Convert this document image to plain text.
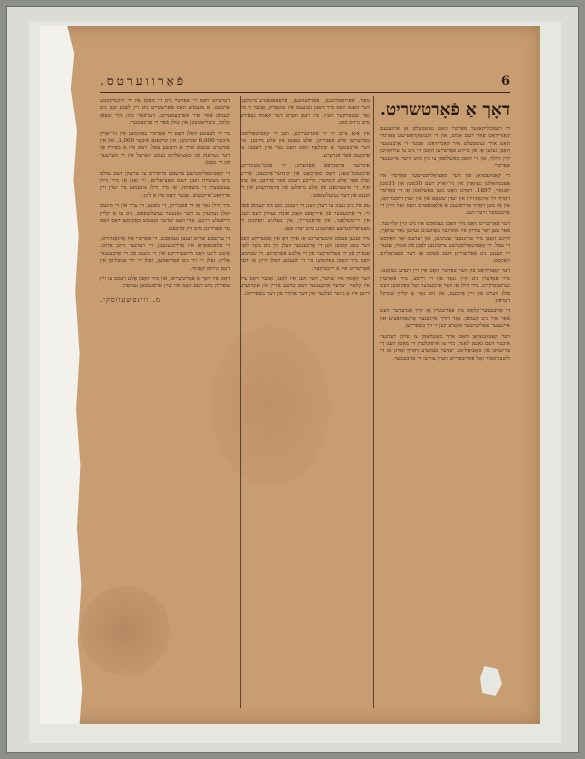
6
פֿאַרווערטס.
דאָך אַ פֿאָרטשריט.

די רעפּובליקאַנער פּאַרטיי האָט געשטעלט אַן אייגענעם קאַנדידאַט פֿאַר דעם אַמט, און די דעמאָקראַטישע פּאַרטיי האָט אויך געשטעלט איר קאַנדידאַט. אָבער די אַרבעטער האָבן געזען אַז פֿון ביידע פּאַרטייען האָבן זיי ניט צו ערוואַרטן קיין הילף, און זיי האָבן באַשלאָסן צו גיין מיט זייער אייגענער פּאַרטיי.

די קאָנווענציאָן פֿון דער סאָציאַליסטישער פּאַרטיי איז אָפּגעהאַלטן געוואָרן אין ניו־יאָרק דעם 30סטן און 31סטן יאַנואַר, 1897. דאָרט האָט מען באַשלאָסן אַז די פּאַרטיי דאַרף זיך אָרגאַניזירן אין יעדן שטאָט און אין יעדן דיסטריקט, און אַז מען דאַרף אַרויסגעבן אַ פּלאַטפֿאָרם וואָס זאָל ווייזן די אַרבעטער זייער וועג.

דער פֿאָרשריט וואָס מיר האָבן געמאַכט איז ניט קיין קליינער. פֿאַר צען יאָר צוריק איז אונדזער באַוועגונג געווען גאָר שוואַך; היינט האָבן מיר טויזנטער שטימען, און יעדעס יאָר וואַקסט די צאָל. די קאַפּיטאַליסטישע צייטונגען לאַכן פֿון אונדז, אָבער זיי קענען ניט פֿאַרשווייגן דעם פֿאַקט אַז דער סאָציאַליזם וואַקסט.

דער קאַנדידאַט פֿון דער פּאַרטיי האָט אין זיין רעדע געזאָגט: מיר פֿאָדערן ניט קיין גנאָד פֿון די רייכע, מיר פֿאָדערן גערעכטיקייט. מיר ווילן אַז דער אַרבעטער זאָל באַקומען דעם פֿולן ווערט פֿון זיין אַרבעט, און ניט נאָר אַ קליין שטיקל דערפֿון.

די אַרבעטער־קלאַס מוז פֿאַרשטיין אַז קיין אַנדערער וועט פֿאַר איר ניט קעמפֿן. נאָר דורך אייגענער אָרגאַניזאַציע און אייגענער פּאָליטישער אַקציע קען זי זיך באַפֿרייען.

דער קאָנווענציאָן האָט אויך באַשלאָסן צו שיקן רעדנער איבער דעם גאַנצן לאַנד, כדי צו אויפֿקלערן די מאַסן וועגן די פּרינציפּן פֿון סאָציאַליזם. יעדער סעקציע דאַרף זאָרגן אַז די ליטעראַטור זאָל פֿאַרשפּרייט ווערן צווישן די אַרבעטער.

מאַל, פֿאַרזאַמלונגען, פֿאַרלעזונגען, פֿראָפּאַגאַנדע־מיטלען. דער האַנט וואָס מיר האָבן געזעצט איז שטאַרק, אָבער זי מוז נאָך שטאַרקער ווערן. ביז דעם ווערט דער קאַמף געפֿירט מיט גרויס מוט.

אין אַזאַ צייט ווי די אונדזעריקע, ווען די קאַפּיטאַליסטן באַהערשן אַלע פֿאַבריקן, אַלע באַנען און אַלע מיינען, איז דער אַרבעטער אַ שקלאַף וואָס האָט נאָר איין רעכט: צו אַרבעטן פֿאַר אַנדערע.

אונדזער פּראָגראַם פֿאָדערט: די אַכט־שטונדיקע אַרבעטס־טאָג; דאָס פֿאַרבאָט פֿון קינדער־אַרבעט; פֿרייע שולן פֿאַר אַלע קינדער; גלייכע רעכט פֿאַר פֿרויען; און צום סוף, די איבערגאַנג פֿון אַלע מיטלען פֿון פּראָדוקציע אין די הענט פֿון דער געזעלשאַפֿט.

עס איז ניט גענוג צו רעדן וועגן די רעכט; מען מוז קעמפֿן פֿאַר זיי. די אַרבעטער פֿון אייראָפּע האָבן אונדז געוויזן דעם וועג. אין דייטשלאַנד, אין פֿראַנקרייך, אין בעלגיע וואַקסט די סאָציאַליסטישע באַוועגונג מיט יעדן טאָג.

מיר זענען פֿעסט איבערצייגט אַז אויך דאָ אין אַמעריקע וועט דער טאָג קומען ווען די אַרבעטער וועלן זיך ניט מער לאָזן אָנפֿירן פֿון די פּאָליטיקער פֿון די אַלטע פּאַרטייען. די שטימען וואָס מיר האָבן באַקומען ביי די לעצטע וואַלן ווייזן אַז דער פֿאָרשריט איז אַ ריכטיקער.

דער קאַמף איז שווער, דער וועג איז לאַנג, אָבער דאָס ציל איז קלאָר. יעדער אַרבעטער וואָס טרעט אַריין אין אונדזערע רייען איז אַ נייער זעלנער אין דער אַרמיי פֿון דער באַפֿרייונג.

דערציונג וואָס די פּאַרטיי גיט די מאַסן איז די וויכטיקסטע אַרבעט. אַ מענטש וואָס פֿאַרשטייט ניט זיין לאַגע קען ניט קעמפֿן פֿאַר איר פֿאַרבעסערונג. דערפֿאַר מוזן מיר שאַפֿן קלובן, ביבליאָטעקן און שולן פֿאַר די אַרבעטער.

ביי די לעצטע וואַלן האָט די פּאַרטיי באַקומען אין ניו־יאָרק איבער 6,000 שטימען, אין שיקאַגאָ איבער 3,000, און אין אַנדערע שטעט אויך אַ היבשע צאָל. דאָס איז אַ באַווייז אַז דער געדאַנק פֿון סאָציאַליזם נעמט וואָרצל אין די הערצער פֿון די מאַסן.

די קאַפּיטאַליסטישע פּרעסע פּרובירט צו שרעקן דעם עולם מיט מעשׂיות וועגן דעם סאָציאַליזם. זיי זאָגן אַז מיר ווילן צעשטערן די משפּחה, אַז מיר ווילן צונעמען ביי יעדן זיין פּריוואַט־אייגנטום. אָבער דאָס איז אַ ליגן.

מיר ווילן נאָר אַז די פֿאַבריקן, די באַנען, די ערד און די מינעס זאָלן געהערן צו דער גאַנצער געזעלשאַפֿט, ניט צו אַ קליין הייפֿעלע רייכע. אַזוי וועט יעדער מענטש באַקומען דאָס וואָס ער פֿאַרדינט מיט זיין אַרבעט.

די ערשטע שריט זענען געמאַכט. די פּאַרטיי איז אָרגאַניזירט, די פּלאַטפֿאָרם איז אַרויסגעגעבן, די רעדנער גייען אַרום. איצט ליגט דאָס ווייטערדיקע אין די הענט פֿון די אַרבעטער אַליין. זאָלן זיי זיך ניט פֿאַרזאַמען, זאָלן זיי זיך אָנשליסן אין דעם גרויסן קאַמף.

דאָס איז דאָך אַ פֿאָרטשריט, און מיר האָבן אַלע רעכט צו זיין צופֿרידן מיט דעם וואָס איז שוין אויפֿגעטאָן געוואָרן.

מ. ווינטשעווסקי.
